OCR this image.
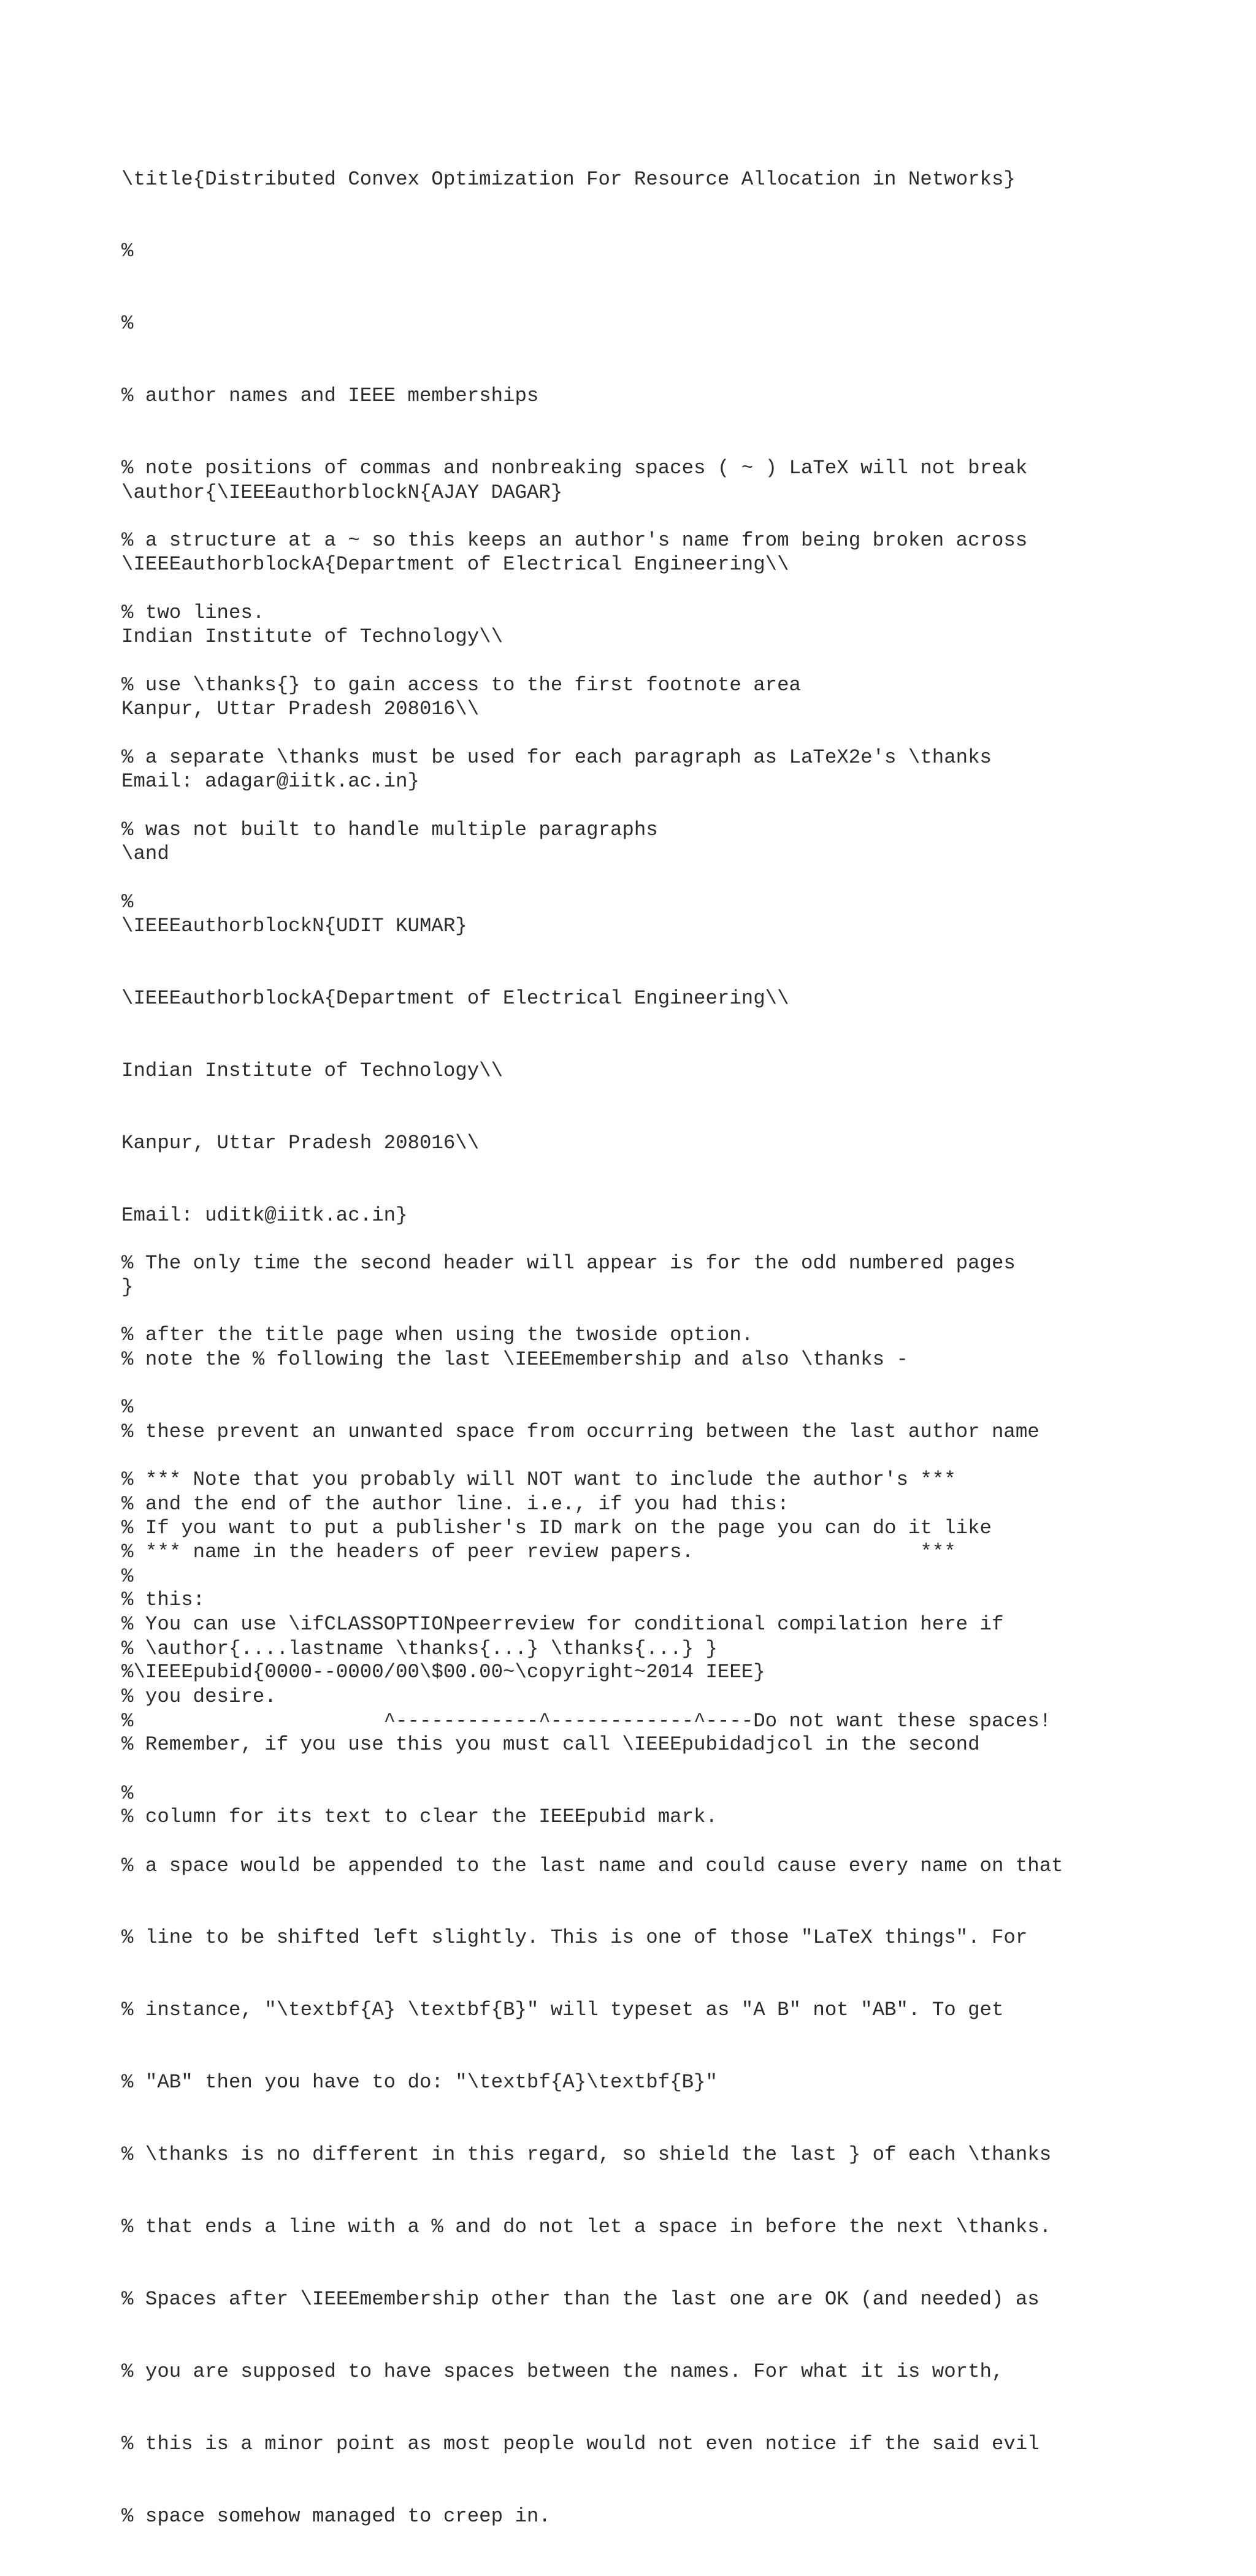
\title{Distributed Convex Optimization For Resource Allocation in Networks}

%

%

% author names and IEEE memberships

% note positions of commas and nonbreaking spaces ( ~ ) LaTeX will not break

% a structure at a ~ so this keeps an author's name from being broken across

% two lines.

% use \thanks{} to gain access to the first footnote area

% a separate \thanks must be used for each paragraph as LaTeX2e's \thanks

% was not built to handle multiple paragraphs

%

\author{\IEEEauthorblockN{AJAY DAGAR}

\IEEEauthorblockA{Department of Electrical Engineering\\

Indian Institute of Technology\\

Kanpur, Uttar Pradesh 208016\\

Email: adagar@iitk.ac.in}

\and

\IEEEauthorblockN{UDIT KUMAR}

\IEEEauthorblockA{Department of Electrical Engineering\\

Indian Institute of Technology\\

Kanpur, Uttar Pradesh 208016\\

Email: uditk@iitk.ac.in}

}

% note the % following the last \IEEEmembership and also \thanks -

% these prevent an unwanted space from occurring between the last author name

% and the end of the author line. i.e., if you had this:

%

% \author{....lastname \thanks{...} \thanks{...} }

%                     ^------------^------------^----Do not want these spaces!

%

% a space would be appended to the last name and could cause every name on that

% line to be shifted left slightly. This is one of those "LaTeX things". For

% instance, "\textbf{A} \textbf{B}" will typeset as "A B" not "AB". To get

% "AB" then you have to do: "\textbf{A}\textbf{B}"

% \thanks is no different in this regard, so shield the last } of each \thanks

% that ends a line with a % and do not let a space in before the next \thanks.

% Spaces after \IEEEmembership other than the last one are OK (and needed) as

% you are supposed to have spaces between the names. For what it is worth,

% this is a minor point as most people would not even notice if the said evil

% space somehow managed to creep in.

% The only time the second header will appear is for the odd numbered pages

% after the title page when using the twoside option.

%

% *** Note that you probably will NOT want to include the author's ***

% *** name in the headers of peer review papers.                   ***

% You can use \ifCLASSOPTIONpeerreview for conditional compilation here if

% you desire.

% If you want to put a publisher's ID mark on the page you can do it like

% this:

%\IEEEpubid{0000--0000/00\$00.00~\copyright~2014 IEEE}

% Remember, if you use this you must call \IEEEpubidadjcol in the second

% column for its text to clear the IEEEpubid mark.
